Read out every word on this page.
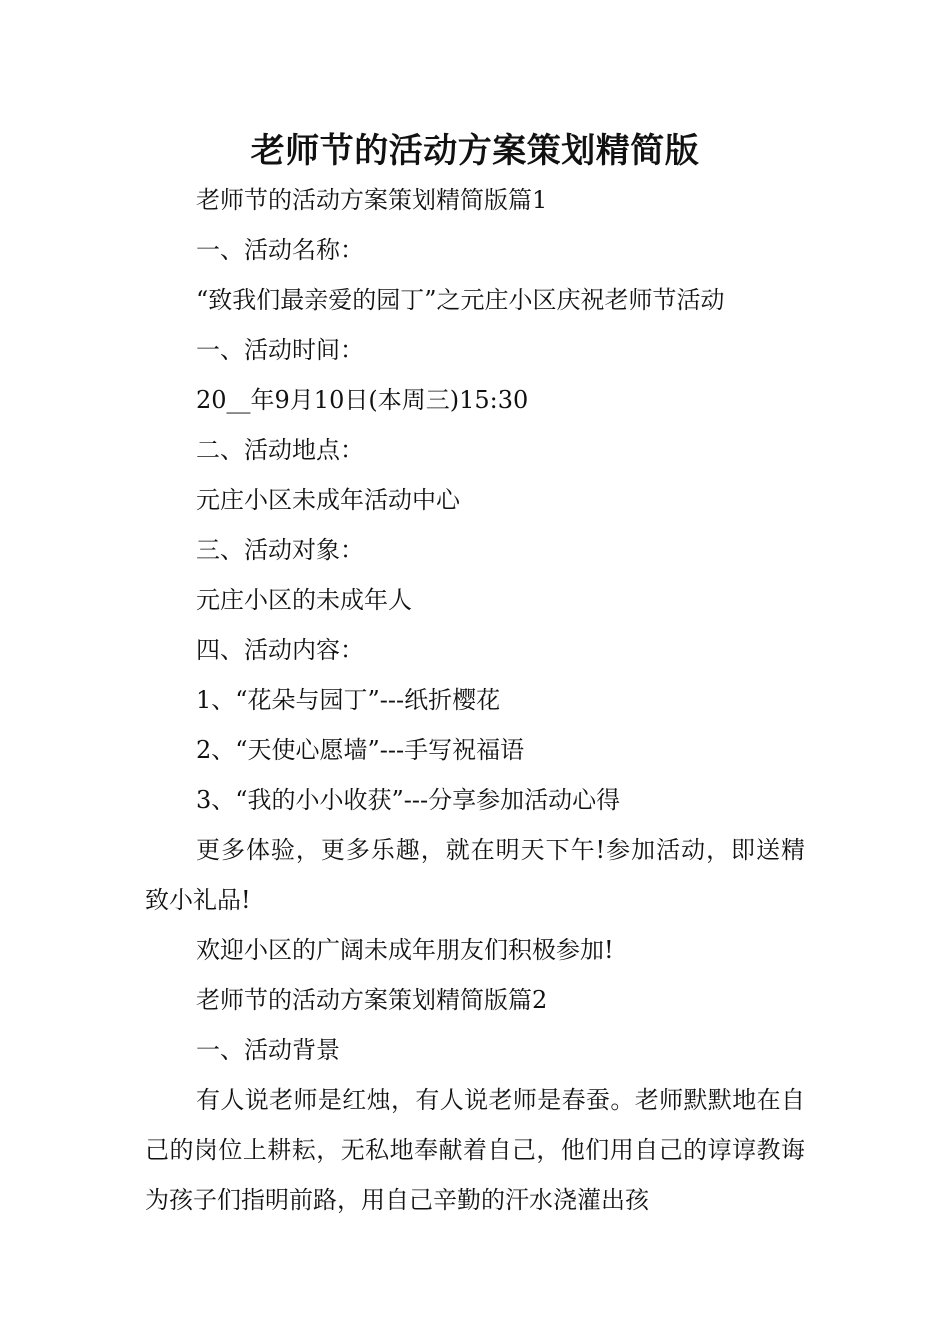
老师节的活动方案策划精简版
老师节的活动方案策划精简版篇1
一、活动名称：
“致我们最亲爱的园丁”之元庄小区庆祝老师节活动
一、活动时间：
20__年9月10日(本周三)15:30
二、活动地点：
元庄小区未成年活动中心
三、活动对象：
元庄小区的未成年人
四、活动内容：
1、“花朵与园丁”---纸折樱花
2、“天使心愿墙”---手写祝福语
3、“我的小小收获”---分享参加活动心得
更多体验，更多乐趣，就在明天下午!参加活动，即送精致小礼品!
欢迎小区的广阔未成年朋友们积极参加!
老师节的活动方案策划精简版篇2
一、活动背景
有人说老师是红烛，有人说老师是春蚕。老师默默地在自己的岗位上耕耘，无私地奉献着自己，他们用自己的谆谆教诲为孩子们指明前路，用自己辛勤的汗水浇灌出孩
